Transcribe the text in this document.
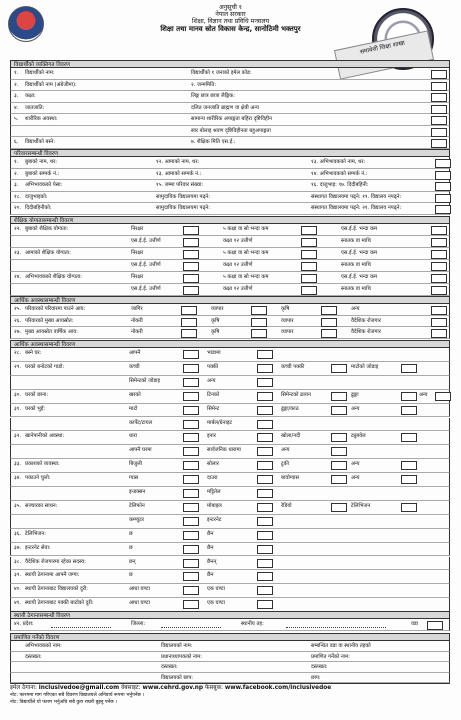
अनुसूची १
नेपाल सरकार
शिक्षा, विज्ञान तथा प्रविधि मन्त्रालय
शिक्षा तथा मानव स्रोत विकास केन्द्र, सानोठिमी भक्तपुर
समावेशी शिक्षा शाखा
विद्यार्थीको व्यक्तिगत विवरण
१. विद्यार्थीको नाम:	विद्यार्थीको १ जनाको इमेल कोड:
२. विद्यार्थीको नाम (अंग्रेजीमा):	२. जन्ममिति:
३. कक्षा:	लिङ्ग छात्र छात्रा लैङ्गिक:
४. जातजाति:	दलित जनजाति ब्राह्मण वा क्षेत्री अन्य
५. शारीरिक अवस्था:	सामान्य शारीरिक अपाङ्गता बहिरा दृष्टिविहीन
स्वर बोलाइ श्रवण दृष्टिविहीनता बहुअपाङ्गता
६. विद्यार्थीको बस्ने:	७. शैक्षिक मिति एस.ई.:
परिवारसम्बन्धी विवरण
१. बुबाको नाम, थर:	१२. आमाको नाम, थर:	१३. अभिभावकको नाम, थर:
२. बुबाको सम्पर्क नं.:	१३. आमाको सम्पर्क नं.:	१४. अभिभावकको सम्पर्क नं.:
३. अभिभावकको पेसा:	१५. जम्मा परिवार संख्या:	१६. दाजुभाइ: १७. दिदीबहिनी:
१८. दाजुभाइको:	सामुदायिक विद्यालयमा पढ्ने:	संस्थागत विद्यालयमा पढ्ने: १९. विद्यालय नपढ्ने:
२०. दिदीबहिनीको:	सामुदायिक विद्यालयमा पढ्ने:	संस्थागत विद्यालयमा पढ्ने: २१. विद्यालय नपढ्ने:
शैक्षिक योग्यतासम्बन्धी विवरण
२२. बुबाको शैक्षिक योग्यता:	निरक्षर	५ कक्षा वा सो भन्दा कम	एस.ई.ई. भन्दा कम
एस.ई.ई. उत्तीर्ण	कक्षा १२ उत्तीर्ण	स्नातक वा माथि
२३. आमाको शैक्षिक योग्यता:	निरक्षर	५ कक्षा वा सो भन्दा कम	एस.ई.ई. भन्दा कम
एस.ई.ई. उत्तीर्ण	कक्षा १२ उत्तीर्ण	स्नातक वा माथि
२४. अभिभावकको शैक्षिक योग्यता:	निरक्षर	५ कक्षा वा सो भन्दा कम	एस.ई.ई. भन्दा कम
एस.ई.ई. उत्तीर्ण	कक्षा १२ उत्तीर्ण	स्नातक वा माथि
आर्थिक अवस्थासम्बन्धी विवरण
२५. परिवारको परिवारमा पाउने आय:	जागिर	व्यापार	कृषि	अन्य
२६. परिवारको मुख्य आयस्रोत:	नोकरी	कृषि	व्यापार	वैदेशिक रोजगार
२७. मुख्य आयस्रोत वार्षिक आय:	नोकरी	कृषि	व्यापार	वैदेशिक रोजगार
आर्थिक अवस्थासम्बन्धी विवरण
२८. बस्ने घर:	आफ्नै	भाडामा
२९. घरको बनोटको गाडो:	कच्ची	पक्की	कच्ची पक्की	माटोको जोडाइ
सिमेन्टको जोडाइ	अन्य
३०. घरको छाना:	खरको	टिनको	सिमेन्टको ढलान	ढुङ्गा	अन्य
३१. घरको भुइँ:	माटो	सिमेन्ट	ढुङ्गा/काठ	अन्य
कार्पेट/टायल	मार्बल/ग्रेनाइट
३२. खानेपानीको अवस्था:	धारा	इनार	खोला/नदी	ट्युबवेल
आफ्नै घरमा	सार्वजनिक धारामा	अन्य
३३. प्रकाशको व्यवस्था:	बिजुली	सोलार	टुकी	अन्य
३४. पकाउने चुलो:	ग्यास	दाउरा	बायोग्यास	अन्य
इन्डक्सन	मट्टितेल
३५. सञ्चारका साधन:	टेलिफोन	मोबाइल	रेडियो	टेलिभिजन
कम्प्युटर	इन्टरनेट
३६. टेलिभिजन:	छ	छैन
३७. इन्टरनेट सेवा:	छ	छैन
३८. वैदेशिक रोजगारमा रहेका सदस्य:	छन्	छैनन्
३९. स्थायी ठेगानामा आफ्नै जग्गा:	छ	छैन
४०. स्थायी ठेगानाबाट विद्यालयको दुरी:	आधा घण्टा	एक घण्टा
४१. स्थायी ठेगानाबाट पक्की बाटोको दुरी:	आधा घण्टा	एक घण्टा
स्थायी ठेगानासम्बन्धी विवरण
४२. प्रदेश:	जिल्ला:	स्थानीय तह:	वडा
प्रमाणित गर्नेको विवरण
अभिभावकको नाम:	विद्यालयको नाम:	सम्बन्धित वडा वा स्थानीय तहको
दस्तखत:	प्रधानाध्यापकको नाम:	प्रमाणित गर्नेको नाम:
दस्तखत:	दस्तखत:
विद्यालयको छाप:	छाप:
इमेल ठेगाना: inclusivedoe@gmail.com वेबसाइट: www.cehrd.gov.np फेसबुक: www.facebook.com/inclusivedoe
नोट: फारममा माग गरिएका सबै विवरण विद्यालयले अनिवार्य रूपमा भर्नुपर्नेछ ।
नोट: विद्यार्थीले यो फारम भर्नुअघि सबै कुरा राम्ररी बुझ्नु पर्नेछ ।
